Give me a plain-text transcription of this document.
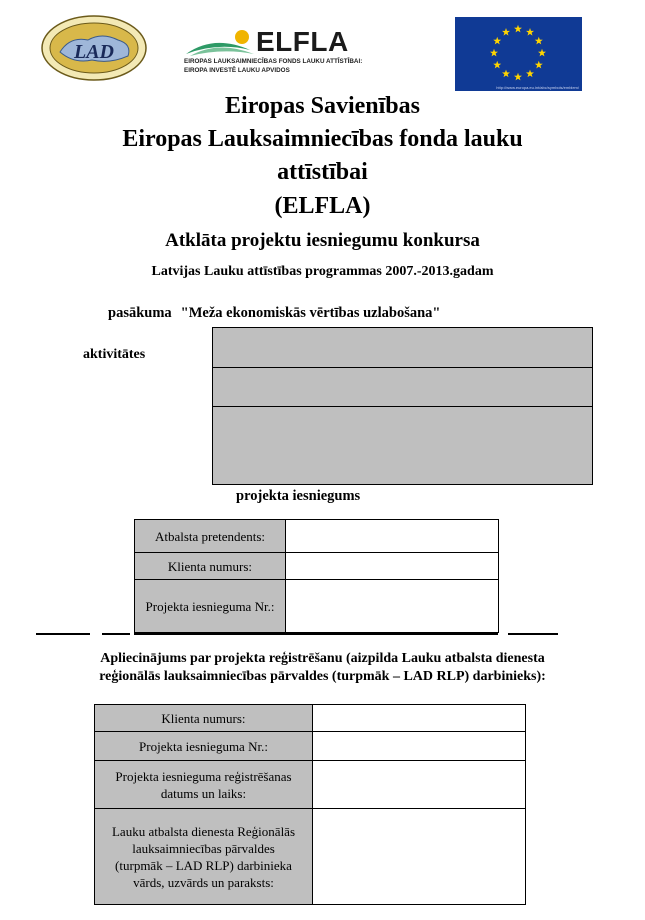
LAD	ELFLA
EIROPAS LAUKSAIMNIECĪBAS FONDS LAUKU ATTĪSTĪBAI:
EIROPA INVESTĒ LAUKU APVIDOS
http://www.europa.eu.int/abc/symbols/emblem/
Eiropas Savienības
Eiropas Lauksaimniecības fonda lauku
attīstībai
(ELFLA)
Atklāta projektu iesniegumu konkursa
Latvijas Lauku attīstības programmas 2007.-2013.gadam
pasākuma "Meža ekonomiskās vērtības uzlabošana"
aktivitātes
projekta iesniegums
Atbalsta pretendents:	
Klienta numurs:	
Projekta iesnieguma Nr.:	
Apliecinājums par projekta reģistrēšanu (aizpilda Lauku atbalsta dienesta
reģionālās lauksaimniecības pārvaldes (turpmāk – LAD RLP) darbinieks):
Klienta numurs:	
Projekta iesnieguma Nr.:	
Projekta iesnieguma reģistrēšanas datums un laiks:	
Lauku atbalsta dienesta Reģionālās lauksaimniecības pārvaldes (turpmāk – LAD RLP) darbinieka vārds, uzvārds un paraksts:	
